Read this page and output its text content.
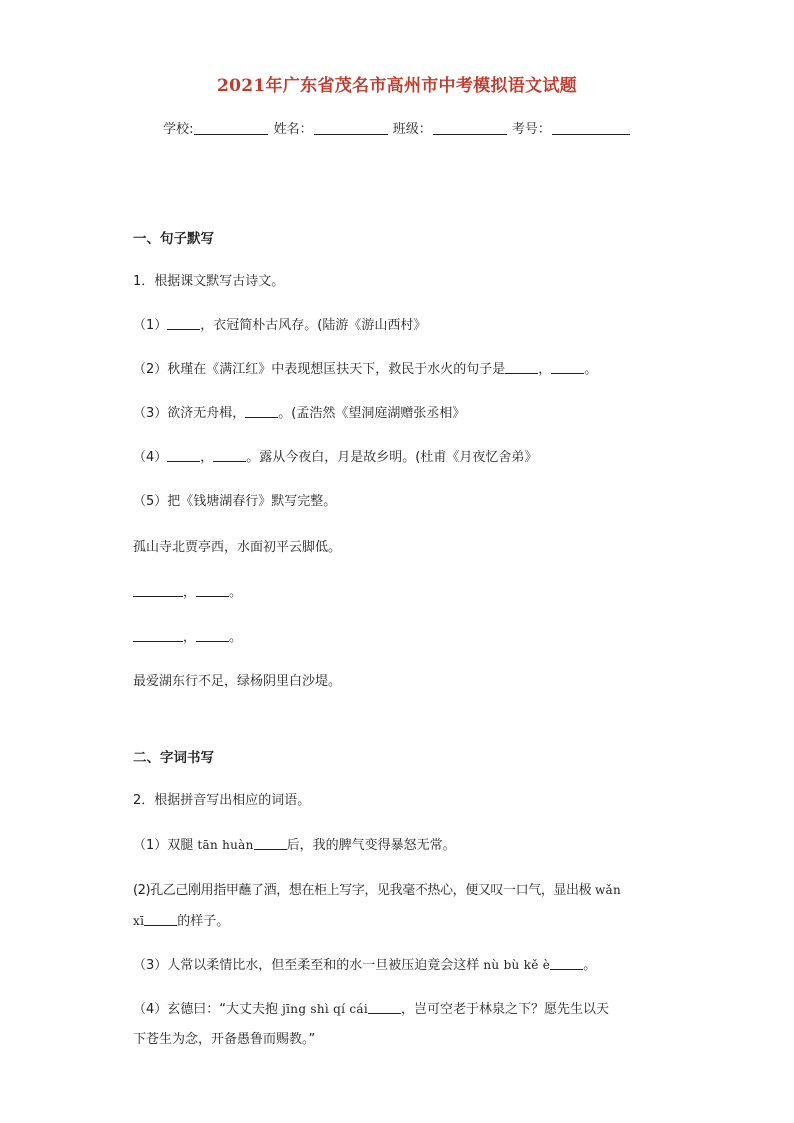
2021年广东省茂名市高州市中考模拟语文试题
学校:	姓名：	班级：	考号：
一、句子默写
1．根据课文默写古诗文。
（1）	，衣冠简朴古风存。(陆游《游山西村》
（2）秋瑾在《满江红》中表现想匡扶天下，救民于水火的句子是	，	。
（3）欲济无舟楫，	。(孟浩然《望洞庭湖赠张丞相》
（4）	，	。露从今夜白，月是故乡明。(杜甫《月夜忆舍弟》
（5）把《钱塘湖春行》默写完整。
孤山寺北贾亭西，水面初平云脚低。
，	。
，	。
最爱湖东行不足，绿杨阴里白沙堤。
二、字词书写
2．根据拼音写出相应的词语。
（1）双腿 tān huàn	后，我的脾气变得暴怒无常。
(2)孔乙己刚用指甲蘸了酒，想在柜上写字，见我毫不热心，便又叹一口气，显出极 wǎn
xī	的样子。
（3）人常以柔情比水，但至柔至和的水一旦被压迫竟会这样 nù bù kě è	。
（4）玄德曰：“大丈夫抱 jīng shì qí cái	，岂可空老于林泉之下？愿先生以天
下苍生为念，开备愚鲁而赐教。”
